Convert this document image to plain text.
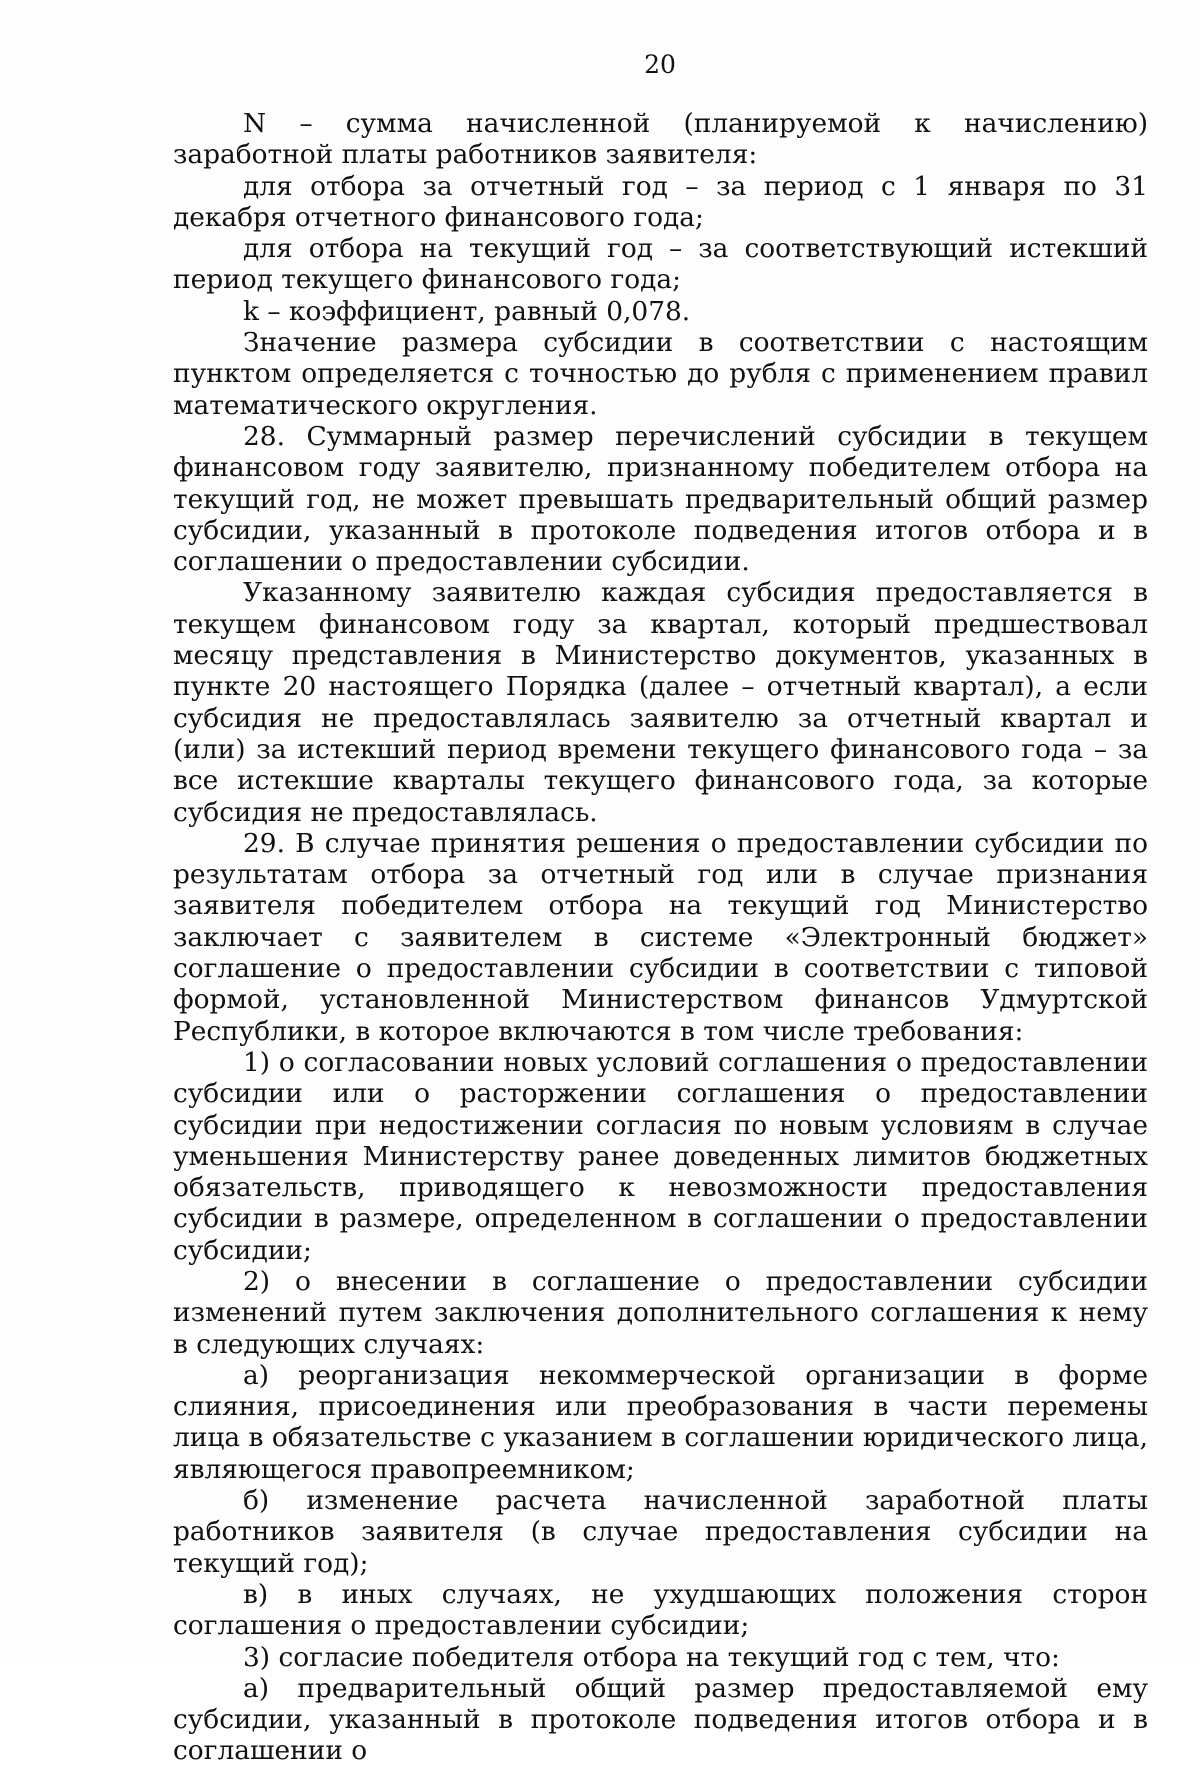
20

N – сумма начисленной (планируемой к начислению) заработной платы работников заявителя:

для отбора за отчетный год – за период с 1 января по 31 декабря отчетного финансового года;

для отбора на текущий год – за соответствующий истекший период текущего финансового года;

k – коэффициент, равный 0,078.

Значение размера субсидии в соответствии с настоящим пунктом определяется с точностью до рубля с применением правил математического округления.

28. Суммарный размер перечислений субсидии в текущем финансовом году заявителю, признанному победителем отбора на текущий год, не может превышать предварительный общий размер субсидии, указанный в протоколе подведения итогов отбора и в соглашении о предоставлении субсидии.

Указанному заявителю каждая субсидия предоставляется в текущем финансовом году за квартал, который предшествовал месяцу представления в Министерство документов, указанных в пункте 20 настоящего Порядка (далее – отчетный квартал), а если субсидия не предоставлялась заявителю за отчетный квартал и (или) за истекший период времени текущего финансового года – за все истекшие кварталы текущего финансового года, за которые субсидия не предоставлялась.

29. В случае принятия решения о предоставлении субсидии по результатам отбора за отчетный год или в случае признания заявителя победителем отбора на текущий год Министерство заключает с заявителем в системе «Электронный бюджет» соглашение о предоставлении субсидии в соответствии с типовой формой, установленной Министерством финансов Удмуртской Республики, в которое включаются в том числе требования:

1) о согласовании новых условий соглашения о предоставлении субсидии или о расторжении соглашения о предоставлении субсидии при недостижении согласия по новым условиям в случае уменьшения Министерству ранее доведенных лимитов бюджетных обязательств, приводящего к невозможности предоставления субсидии в размере, определенном в соглашении о предоставлении субсидии;

2) о внесении в соглашение о предоставлении субсидии изменений путем заключения дополнительного соглашения к нему в следующих случаях:

а) реорганизация некоммерческой организации в форме слияния, присоединения или преобразования в части перемены лица в обязательстве с указанием в соглашении юридического лица, являющегося правопреемником;

б) изменение расчета начисленной заработной платы работников заявителя (в случае предоставления субсидии на текущий год);

в) в иных случаях, не ухудшающих положения сторон соглашения о предоставлении субсидии;

3) согласие победителя отбора на текущий год с тем, что:

а) предварительный общий размер предоставляемой ему субсидии, указанный в протоколе подведения итогов отбора и в соглашении о
